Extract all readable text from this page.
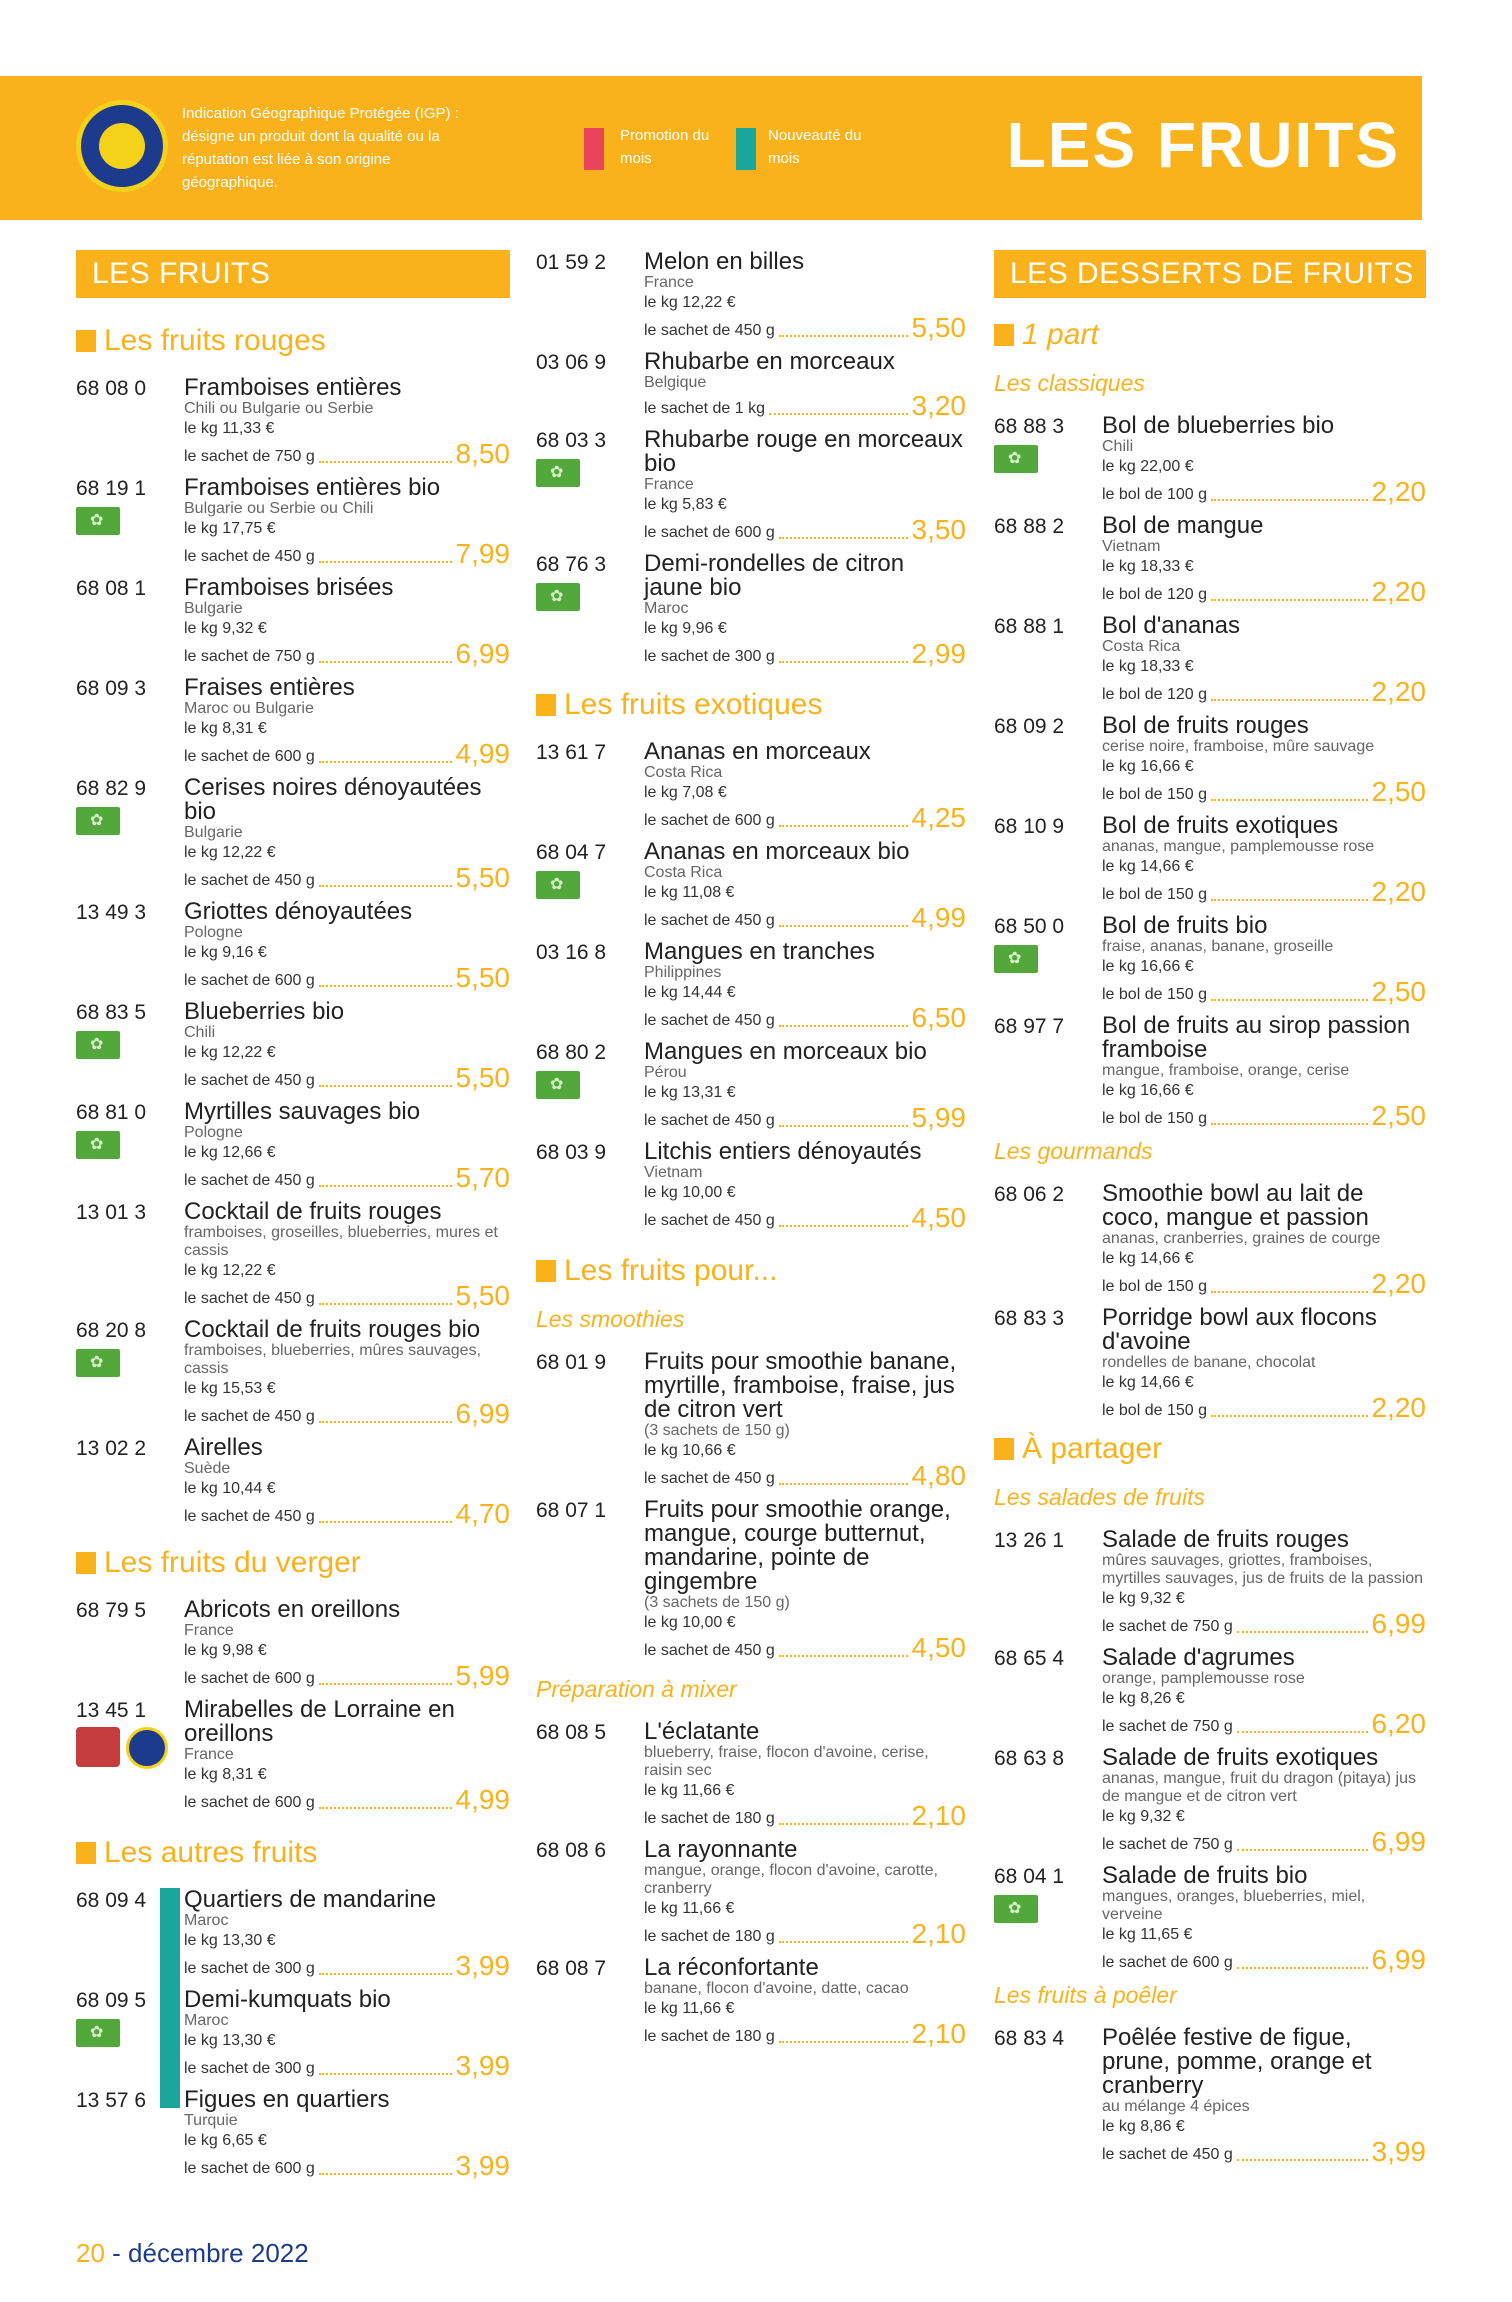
Indication Géographique Protégée (IGP) : désigne un produit dont la qualité ou la réputation est liée à son origine géographique.
Promotion du mois
Nouveauté du mois	LES FRUITS
LES FRUITS
Les fruits rouges
68 08 0	Framboises entières
Chili ou Bulgarie ou Serbie
le kg 11,33 €
le sachet de 750 g	8,50
68 19 1
✿	Framboises entières bio
Bulgarie ou Serbie ou Chili
le kg 17,75 €
le sachet de 450 g	7,99
68 08 1	Framboises brisées
Bulgarie
le kg 9,32 €
le sachet de 750 g	6,99
68 09 3	Fraises entières
Maroc ou Bulgarie
le kg 8,31 €
le sachet de 600 g	4,99
68 82 9
✿	Cerises noires dénoyautées bio
Bulgarie
le kg 12,22 €
le sachet de 450 g	5,50
13 49 3	Griottes dénoyautées
Pologne
le kg 9,16 €
le sachet de 600 g	5,50
68 83 5
✿	Blueberries bio
Chili
le kg 12,22 €
le sachet de 450 g	5,50
68 81 0
✿	Myrtilles sauvages bio
Pologne
le kg 12,66 €
le sachet de 450 g	5,70
13 01 3	Cocktail de fruits rouges
framboises, groseilles, blueberries, mures et cassis
le kg 12,22 €
le sachet de 450 g	5,50
68 20 8
✿	Cocktail de fruits rouges bio
framboises, blueberries, mûres sauvages, cassis
le kg 15,53 €
le sachet de 450 g	6,99
13 02 2	Airelles
Suède
le kg 10,44 €
le sachet de 450 g	4,70
Les fruits du verger
68 79 5	Abricots en oreillons
France
le kg 9,98 €
le sachet de 600 g	5,99
13 45 1	Mirabelles de Lorraine en oreillons
France
le kg 8,31 €
le sachet de 600 g	4,99
Les autres fruits
68 09 4	Quartiers de mandarine
Maroc
le kg 13,30 €
le sachet de 300 g	3,99
68 09 5
✿	Demi-kumquats bio
Maroc
le kg 13,30 €
le sachet de 300 g	3,99
13 57 6	Figues en quartiers
Turquie
le kg 6,65 €
le sachet de 600 g	3,99
01 59 2	Melon en billes
France
le kg 12,22 €
le sachet de 450 g	5,50
03 06 9	Rhubarbe en morceaux
Belgique
le sachet de 1 kg	3,20
68 03 3
✿	Rhubarbe rouge en morceaux bio
France
le kg 5,83 €
le sachet de 600 g	3,50
68 76 3
✿	Demi-rondelles de citron jaune bio
Maroc
le kg 9,96 €
le sachet de 300 g	2,99
Les fruits exotiques
13 61 7	Ananas en morceaux
Costa Rica
le kg 7,08 €
le sachet de 600 g	4,25
68 04 7
✿	Ananas en morceaux bio
Costa Rica
le kg 11,08 €
le sachet de 450 g	4,99
03 16 8	Mangues en tranches
Philippines
le kg 14,44 €
le sachet de 450 g	6,50
68 80 2
✿	Mangues en morceaux bio
Pérou
le kg 13,31 €
le sachet de 450 g	5,99
68 03 9	Litchis entiers dénoyautés
Vietnam
le kg 10,00 €
le sachet de 450 g	4,50
Les fruits pour...
Les smoothies
68 01 9	Fruits pour smoothie banane, myrtille, framboise, fraise, jus de citron vert
(3 sachets de 150 g)
le kg 10,66 €
le sachet de 450 g	4,80
68 07 1	Fruits pour smoothie orange, mangue, courge butternut, mandarine, pointe de gingembre
(3 sachets de 150 g)
le kg 10,00 €
le sachet de 450 g	4,50
Préparation à mixer
68 08 5	L'éclatante
blueberry, fraise, flocon d'avoine, cerise, raisin sec
le kg 11,66 €
le sachet de 180 g	2,10
68 08 6	La rayonnante
mangue, orange, flocon d'avoine, carotte, cranberry
le kg 11,66 €
le sachet de 180 g	2,10
68 08 7	La réconfortante
banane, flocon d'avoine, datte, cacao
le kg 11,66 €
le sachet de 180 g	2,10
LES DESSERTS DE FRUITS
1 part
Les classiques
68 88 3
✿	Bol de blueberries bio
Chili
le kg 22,00 €
le bol de 100 g	2,20
68 88 2	Bol de mangue
Vietnam
le kg 18,33 €
le bol de 120 g	2,20
68 88 1	Bol d'ananas
Costa Rica
le kg 18,33 €
le bol de 120 g	2,20
68 09 2	Bol de fruits rouges
cerise noire, framboise, mûre sauvage
le kg 16,66 €
le bol de 150 g	2,50
68 10 9	Bol de fruits exotiques
ananas, mangue, pamplemousse rose
le kg 14,66 €
le bol de 150 g	2,20
68 50 0
✿	Bol de fruits bio
fraise, ananas, banane, groseille
le kg 16,66 €
le bol de 150 g	2,50
68 97 7	Bol de fruits au sirop passion framboise
mangue, framboise, orange, cerise
le kg 16,66 €
le bol de 150 g	2,50
Les gourmands
68 06 2	Smoothie bowl au lait de coco, mangue et passion
ananas, cranberries, graines de courge
le kg 14,66 €
le bol de 150 g	2,20
68 83 3	Porridge bowl aux flocons d'avoine
rondelles de banane, chocolat
le kg 14,66 €
le bol de 150 g	2,20
À partager
Les salades de fruits
13 26 1	Salade de fruits rouges
mûres sauvages, griottes, framboises, myrtilles sauvages, jus de fruits de la passion
le kg 9,32 €
le sachet de 750 g	6,99
68 65 4	Salade d'agrumes
orange, pamplemousse rose
le kg 8,26 €
le sachet de 750 g	6,20
68 63 8	Salade de fruits exotiques
ananas, mangue, fruit du dragon (pitaya) jus de mangue et de citron vert
le kg 9,32 €
le sachet de 750 g	6,99
68 04 1
✿	Salade de fruits bio
mangues, oranges, blueberries, miel, verveine
le kg 11,65 €
le sachet de 600 g	6,99
Les fruits à poêler
68 83 4	Poêlée festive de figue, prune, pomme, orange et cranberry
au mélange 4 épices
le kg 8,86 €
le sachet de 450 g	3,99
20 - décembre 2022
